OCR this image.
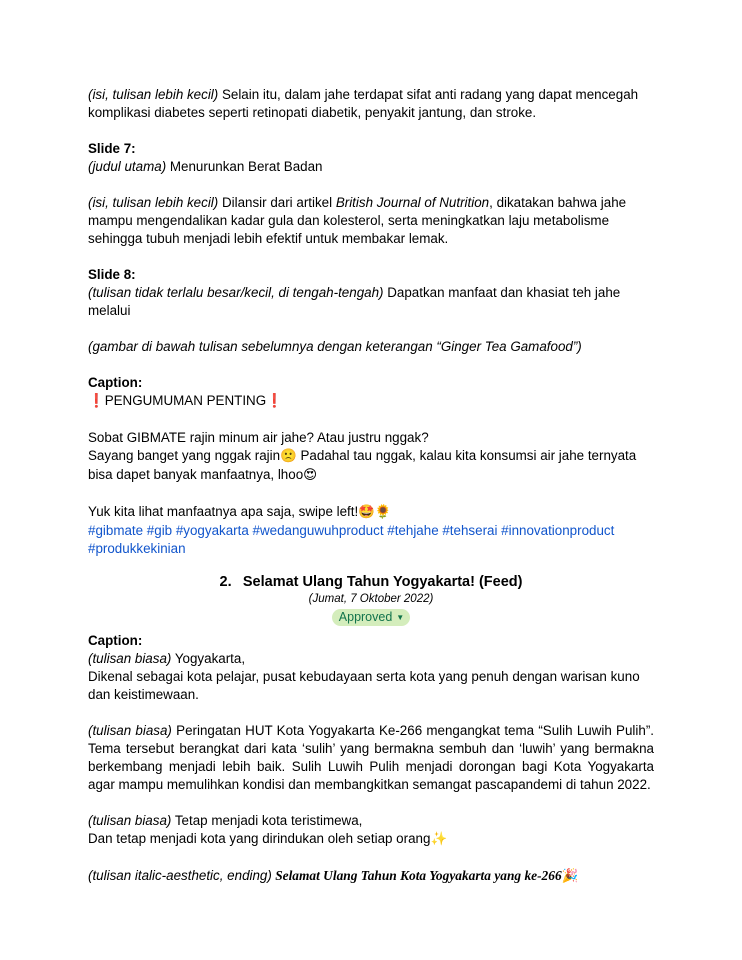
(isi, tulisan lebih kecil) Selain itu, dalam jahe terdapat sifat anti radang yang dapat mencegah
komplikasi diabetes seperti retinopati diabetik, penyakit jantung, dan stroke.

Slide 7:

(judul utama) Menurunkan Berat Badan

(isi, tulisan lebih kecil) Dilansir dari artikel British Journal of Nutrition, dikatakan bahwa jahe
mampu mengendalikan kadar gula dan kolesterol, serta meningkatkan laju metabolisme
sehingga tubuh menjadi lebih efektif untuk membakar lemak.

Slide 8:

(tulisan tidak terlalu besar/kecil, di tengah-tengah) Dapatkan manfaat dan khasiat teh jahe
melalui

(gambar di bawah tulisan sebelumnya dengan keterangan “Ginger Tea Gamafood”)

Caption:

❗PENGUMUMAN PENTING❗

Sobat GIBMATE rajin minum air jahe? Atau justru nggak?
Sayang banget yang nggak rajin🙁 Padahal tau nggak, kalau kita konsumsi air jahe ternyata
bisa dapet banyak manfaatnya, lhoo😍

Yuk kita lihat manfaatnya apa saja, swipe left!🤩🌻

#gibmate #gib #yogyakarta #wedanguwuhproduct #tehjahe #tehserai #innovationproduct
#produkkekinian

2.  Selamat Ulang Tahun Yogyakarta! (Feed)

(Jumat, 7 Oktober 2022)

Approved ▼

Caption:

(tulisan biasa) Yogyakarta,
Dikenal sebagai kota pelajar, pusat kebudayaan serta kota yang penuh dengan warisan kuno
dan keistimewaan.

(tulisan biasa) Peringatan HUT Kota Yogyakarta Ke-266 mengangkat tema “Sulih Luwih Pulih”. Tema tersebut berangkat dari kata ‘sulih’ yang bermakna sembuh dan ‘luwih’ yang bermakna berkembang menjadi lebih baik. Sulih Luwih Pulih menjadi dorongan bagi Kota Yogyakarta agar mampu memulihkan kondisi dan membangkitkan semangat pascapandemi di tahun 2022.

(tulisan biasa) Tetap menjadi kota teristimewa,
Dan tetap menjadi kota yang dirindukan oleh setiap orang✨

(tulisan italic-aesthetic, ending) Selamat Ulang Tahun Kota Yogyakarta yang ke-266🎉
